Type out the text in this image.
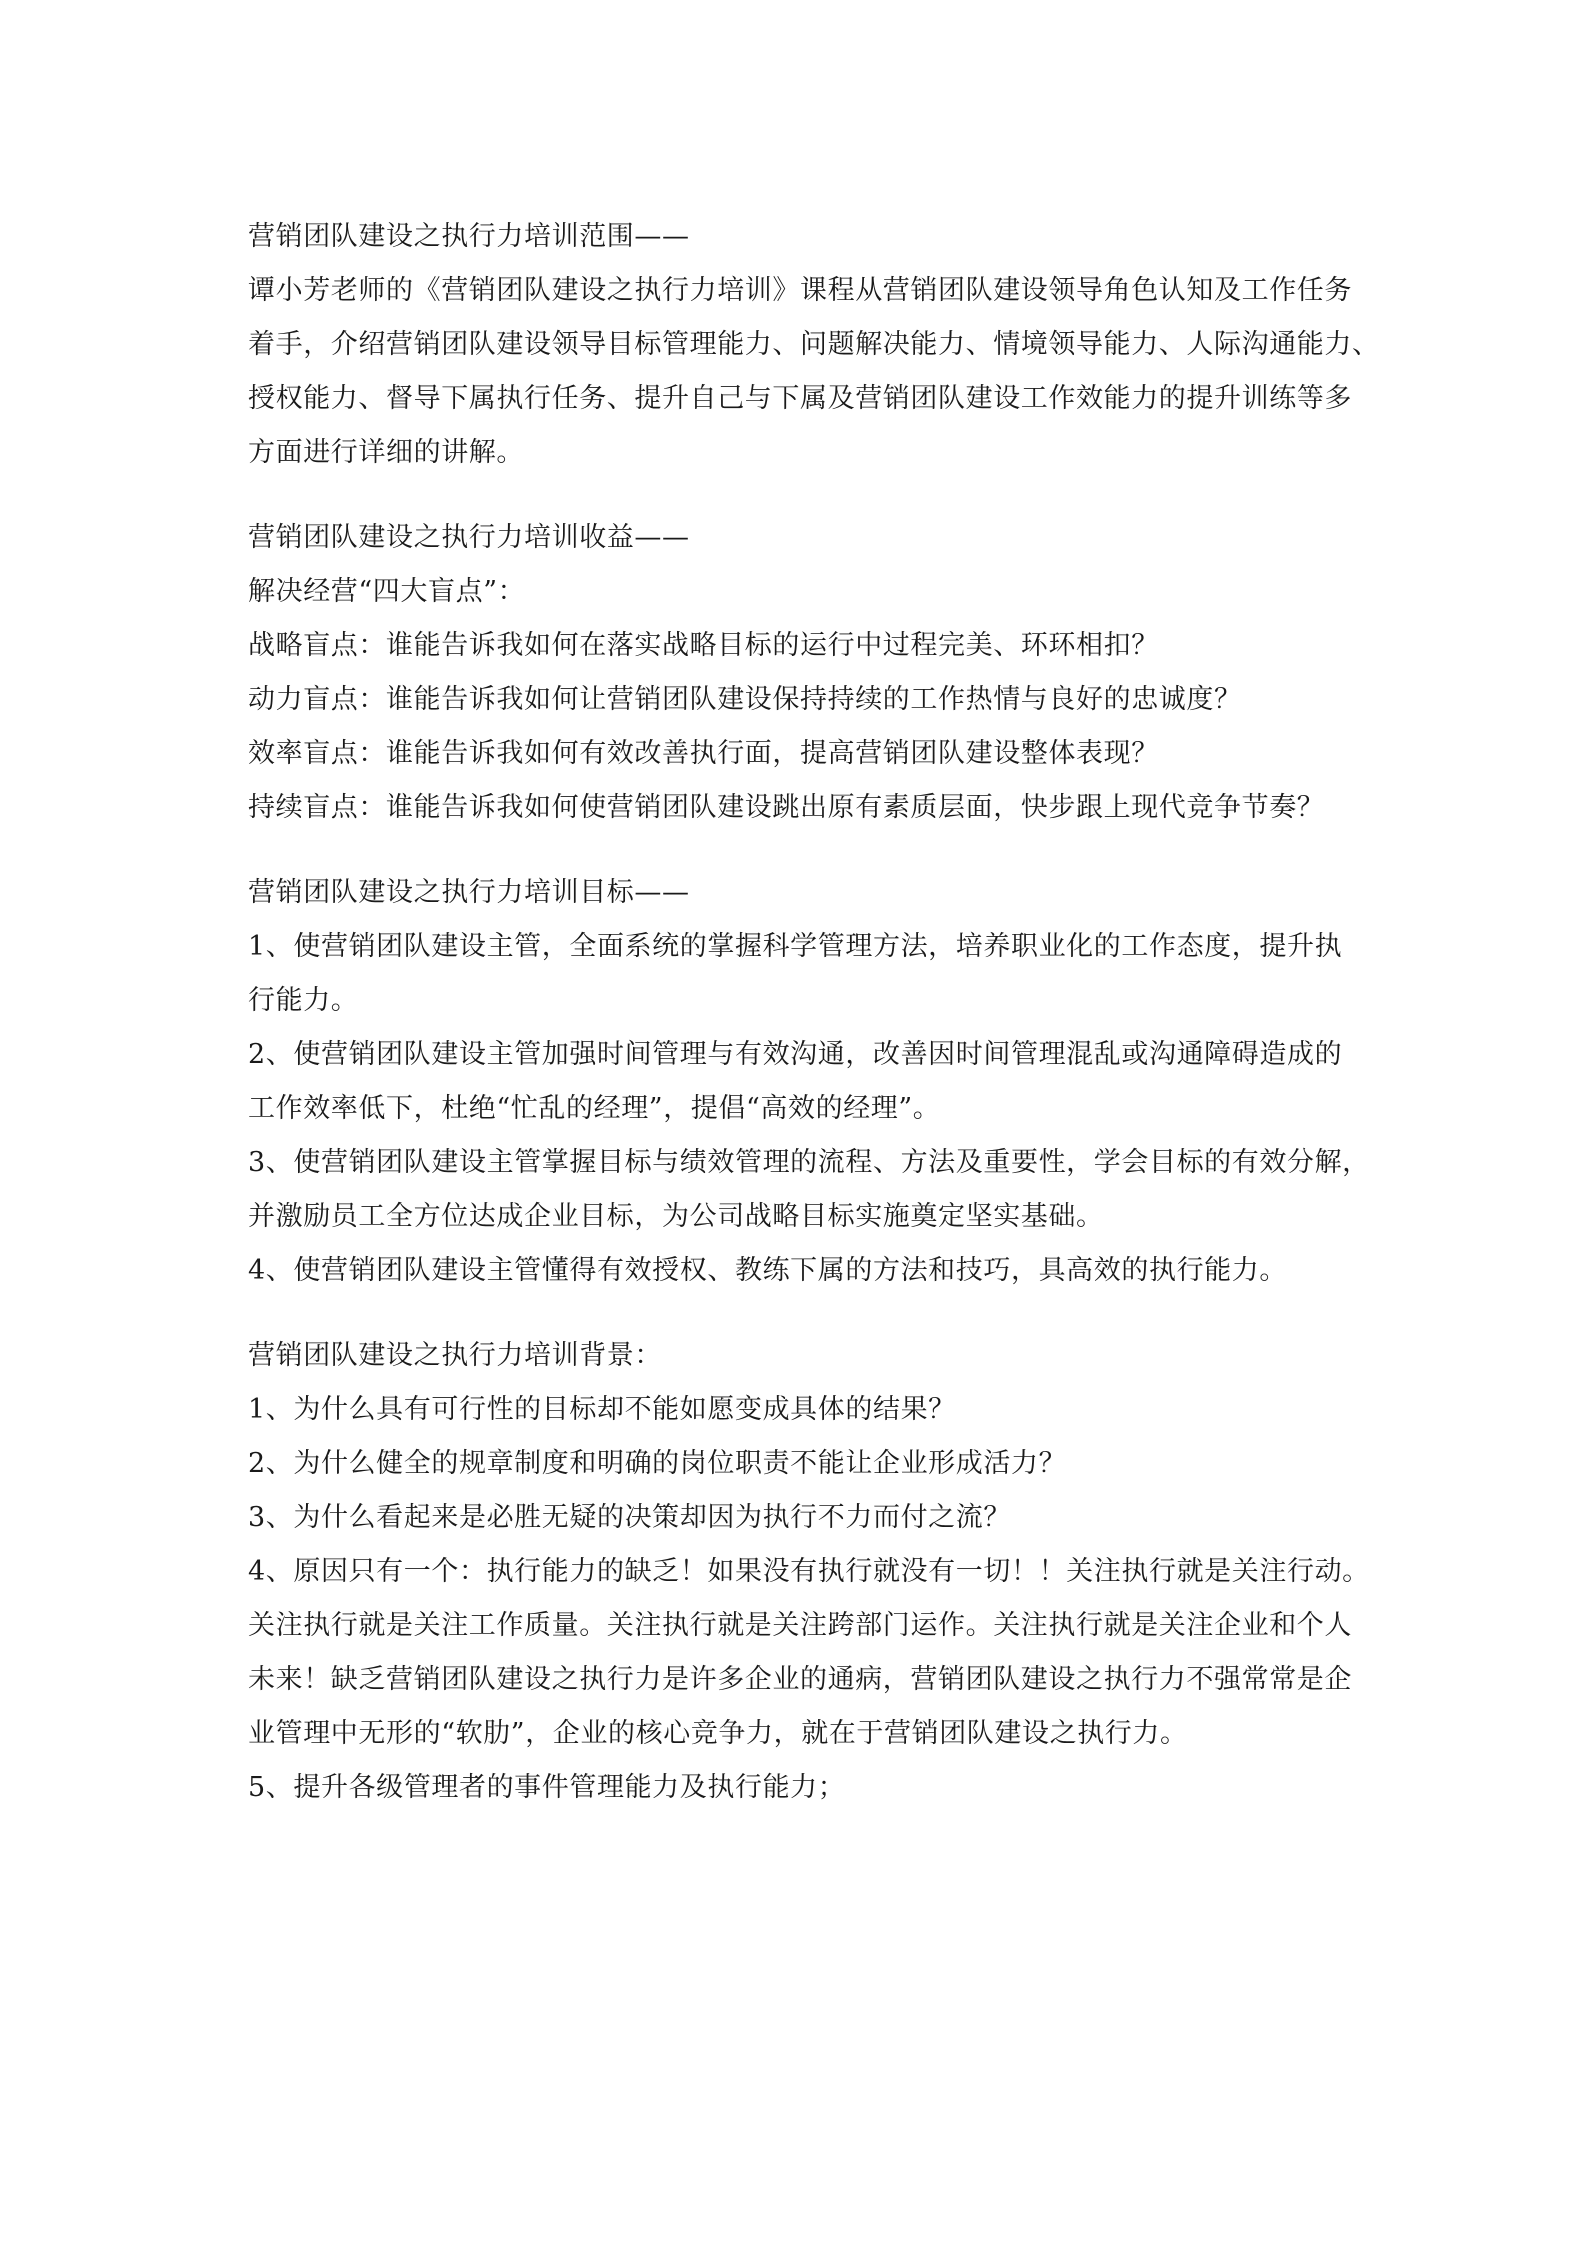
营销团队建设之执行力培训范围——

谭小芳老师的《营销团队建设之执行力培训》课程从营销团队建设领导角色认知及工作任务
着手，介绍营销团队建设领导目标管理能力、问题解决能力、情境领导能力、人际沟通能力、
授权能力、督导下属执行任务、提升自己与下属及营销团队建设工作效能力的提升训练等多
方面进行详细的讲解。

营销团队建设之执行力培训收益——
解决经营“四大盲点”：
战略盲点：谁能告诉我如何在落实战略目标的运行中过程完美、环环相扣？
动力盲点：谁能告诉我如何让营销团队建设保持持续的工作热情与良好的忠诚度？
效率盲点：谁能告诉我如何有效改善执行面，提高营销团队建设整体表现？
持续盲点：谁能告诉我如何使营销团队建设跳出原有素质层面，快步跟上现代竞争节奏？
营销团队建设之执行力培训目标——

1、使营销团队建设主管，全面系统的掌握科学管理方法，培养职业化的工作态度，提升执
行能力。

2、使营销团队建设主管加强时间管理与有效沟通，改善因时间管理混乱或沟通障碍造成的
工作效率低下，杜绝“忙乱的经理”，提倡“高效的经理”。

3、使营销团队建设主管掌握目标与绩效管理的流程、方法及重要性，学会目标的有效分解，
并激励员工全方位达成企业目标，为公司战略目标实施奠定坚实基础。

4、使营销团队建设主管懂得有效授权、教练下属的方法和技巧，具高效的执行能力。

营销团队建设之执行力培训背景：

1、为什么具有可行性的目标却不能如愿变成具体的结果？

2、为什么健全的规章制度和明确的岗位职责不能让企业形成活力？

3、为什么看起来是必胜无疑的决策却因为执行不力而付之流？

4、原因只有一个：执行能力的缺乏！如果没有执行就没有一切！！关注执行就是关注行动。
关注执行就是关注工作质量。关注执行就是关注跨部门运作。关注执行就是关注企业和个人
未来！缺乏营销团队建设之执行力是许多企业的通病，营销团队建设之执行力不强常常是企
业管理中无形的“软肋”，企业的核心竞争力，就在于营销团队建设之执行力。

5、提升各级管理者的事件管理能力及执行能力；
